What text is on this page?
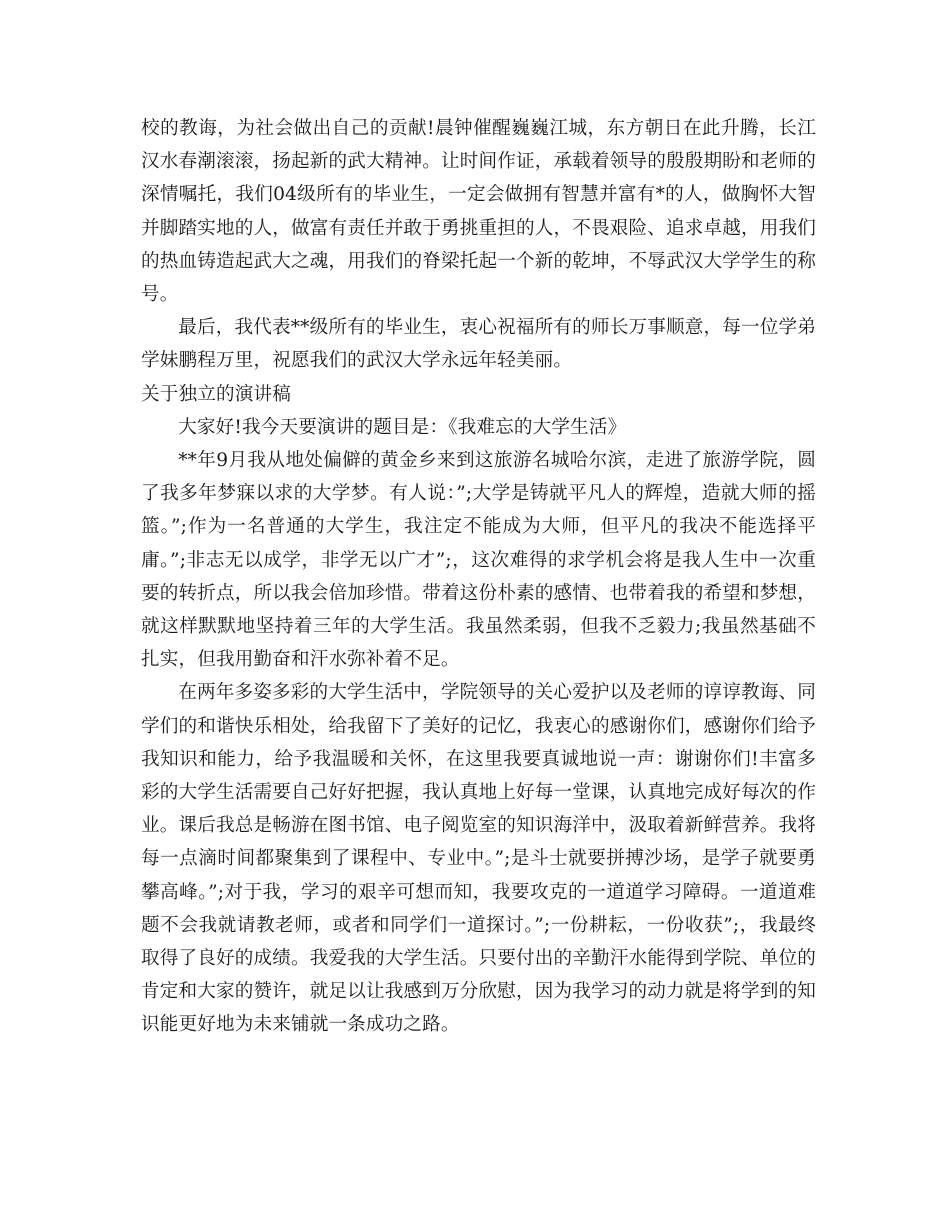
校的教诲，为社会做出自己的贡献!晨钟催醒巍巍江城，东方朝日在此升腾，长江汉水春潮滚滚，扬起新的武大精神。让时间作证，承载着领导的殷殷期盼和老师的深情嘱托，我们04级所有的毕业生，一定会做拥有智慧并富有*的人，做胸怀大智并脚踏实地的人，做富有责任并敢于勇挑重担的人，不畏艰险、追求卓越，用我们的热血铸造起武大之魂，用我们的脊梁托起一个新的乾坤，不辱武汉大学学生的称号。

最后，我代表**级所有的毕业生，衷心祝福所有的师长万事顺意，每一位学弟学妹鹏程万里，祝愿我们的武汉大学永远年轻美丽。

关于独立的演讲稿

大家好!我今天要演讲的题目是：《我难忘的大学生活》

**年9月我从地处偏僻的黄金乡来到这旅游名城哈尔滨，走进了旅游学院，圆了我多年梦寐以求的大学梦。有人说：”;大学是铸就平凡人的辉煌，造就大师的摇篮。”;作为一名普通的大学生，我注定不能成为大师，但平凡的我决不能选择平庸。”;非志无以成学，非学无以广才”;，这次难得的求学机会将是我人生中一次重要的转折点，所以我会倍加珍惜。带着这份朴素的感情、也带着我的希望和梦想，就这样默默地坚持着三年的大学生活。我虽然柔弱，但我不乏毅力;我虽然基础不扎实，但我用勤奋和汗水弥补着不足。

在两年多姿多彩的大学生活中，学院领导的关心爱护以及老师的谆谆教诲、同学们的和谐快乐相处，给我留下了美好的记忆，我衷心的感谢你们，感谢你们给予我知识和能力，给予我温暖和关怀，在这里我要真诚地说一声：谢谢你们!丰富多彩的大学生活需要自己好好把握，我认真地上好每一堂课，认真地完成好每次的作业。课后我总是畅游在图书馆、电子阅览室的知识海洋中，汲取着新鲜营养。我将每一点滴时间都聚集到了课程中、专业中。”;是斗士就要拼搏沙场，是学子就要勇攀高峰。”;对于我，学习的艰辛可想而知，我要攻克的一道道学习障碍。一道道难题不会我就请教老师，或者和同学们一道探讨。”;一份耕耘，一份收获”;，我最终取得了良好的成绩。我爱我的大学生活。只要付出的辛勤汗水能得到学院、单位的肯定和大家的赞许，就足以让我感到万分欣慰，因为我学习的动力就是将学到的知识能更好地为未来铺就一条成功之路。
